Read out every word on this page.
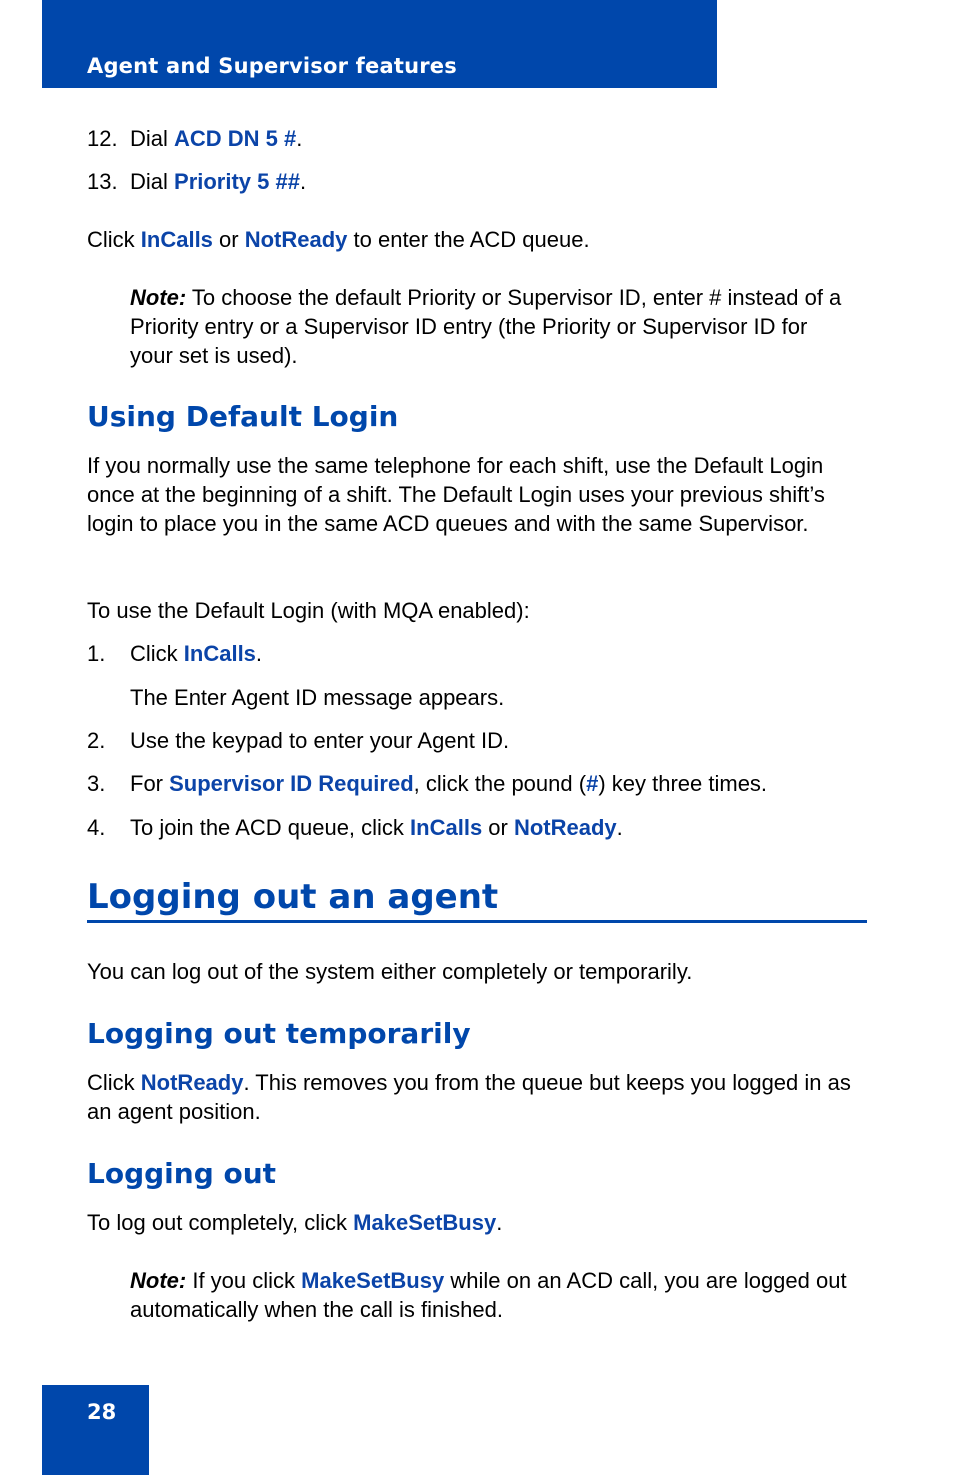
Agent and Supervisor features
12. Dial ACD DN 5 #.
13. Dial Priority 5 ##.
Click InCalls or NotReady to enter the ACD queue.
Note: To choose the default Priority or Supervisor ID, enter # instead of a Priority entry or a Supervisor ID entry (the Priority or Supervisor ID for your set is used).
Using Default Login
If you normally use the same telephone for each shift, use the Default Login once at the beginning of a shift. The Default Login uses your previous shift’s login to place you in the same ACD queues and with the same Supervisor.
To use the Default Login (with MQA enabled):
1. Click InCalls.
The Enter Agent ID message appears.
2. Use the keypad to enter your Agent ID.
3. For Supervisor ID Required, click the pound (#) key three times.
4. To join the ACD queue, click InCalls or NotReady.
Logging out an agent
You can log out of the system either completely or temporarily.
Logging out temporarily
Click NotReady. This removes you from the queue but keeps you logged in as an agent position.
Logging out
To log out completely, click MakeSetBusy.
Note: If you click MakeSetBusy while on an ACD call, you are logged out automatically when the call is finished.
28
